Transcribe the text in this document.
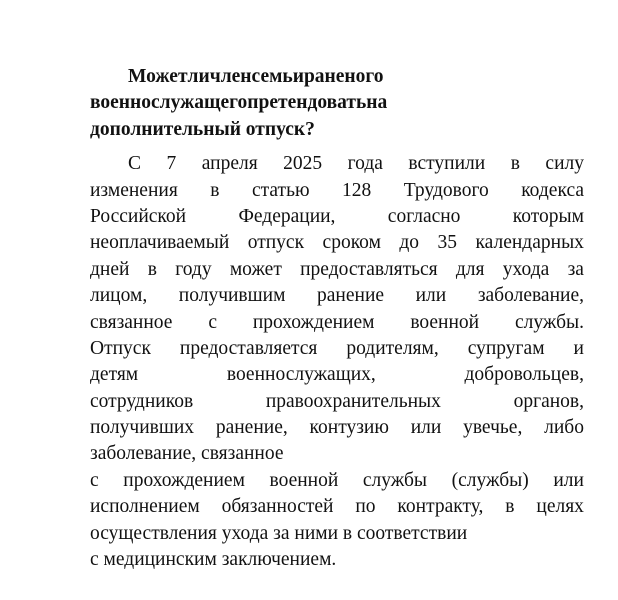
Можетличленсемьираненого
военнослужащегопретендоватьна
дополнительный отпуск?
С 7 апреля 2025 года вступили в силу
изменения в статью 128 Трудового кодекса
Российской	Федерации,	согласно	которым
неоплачиваемый отпуск сроком до 35 календарных
дней в году может предоставляться для ухода за
лицом, получившим ранение или заболевание,
связанное с прохождением военной службы.
Отпуск предоставляется родителям, супругам и
детям	военнослужащих,	добровольцев,
сотрудников	правоохранительных	органов,
получивших ранение, контузию или увечье, либо
заболевание, связанное
с прохождением военной службы (службы) или
исполнением обязанностей по контракту, в целях
осуществления ухода за ними в соответствии
с медицинским заключением.
